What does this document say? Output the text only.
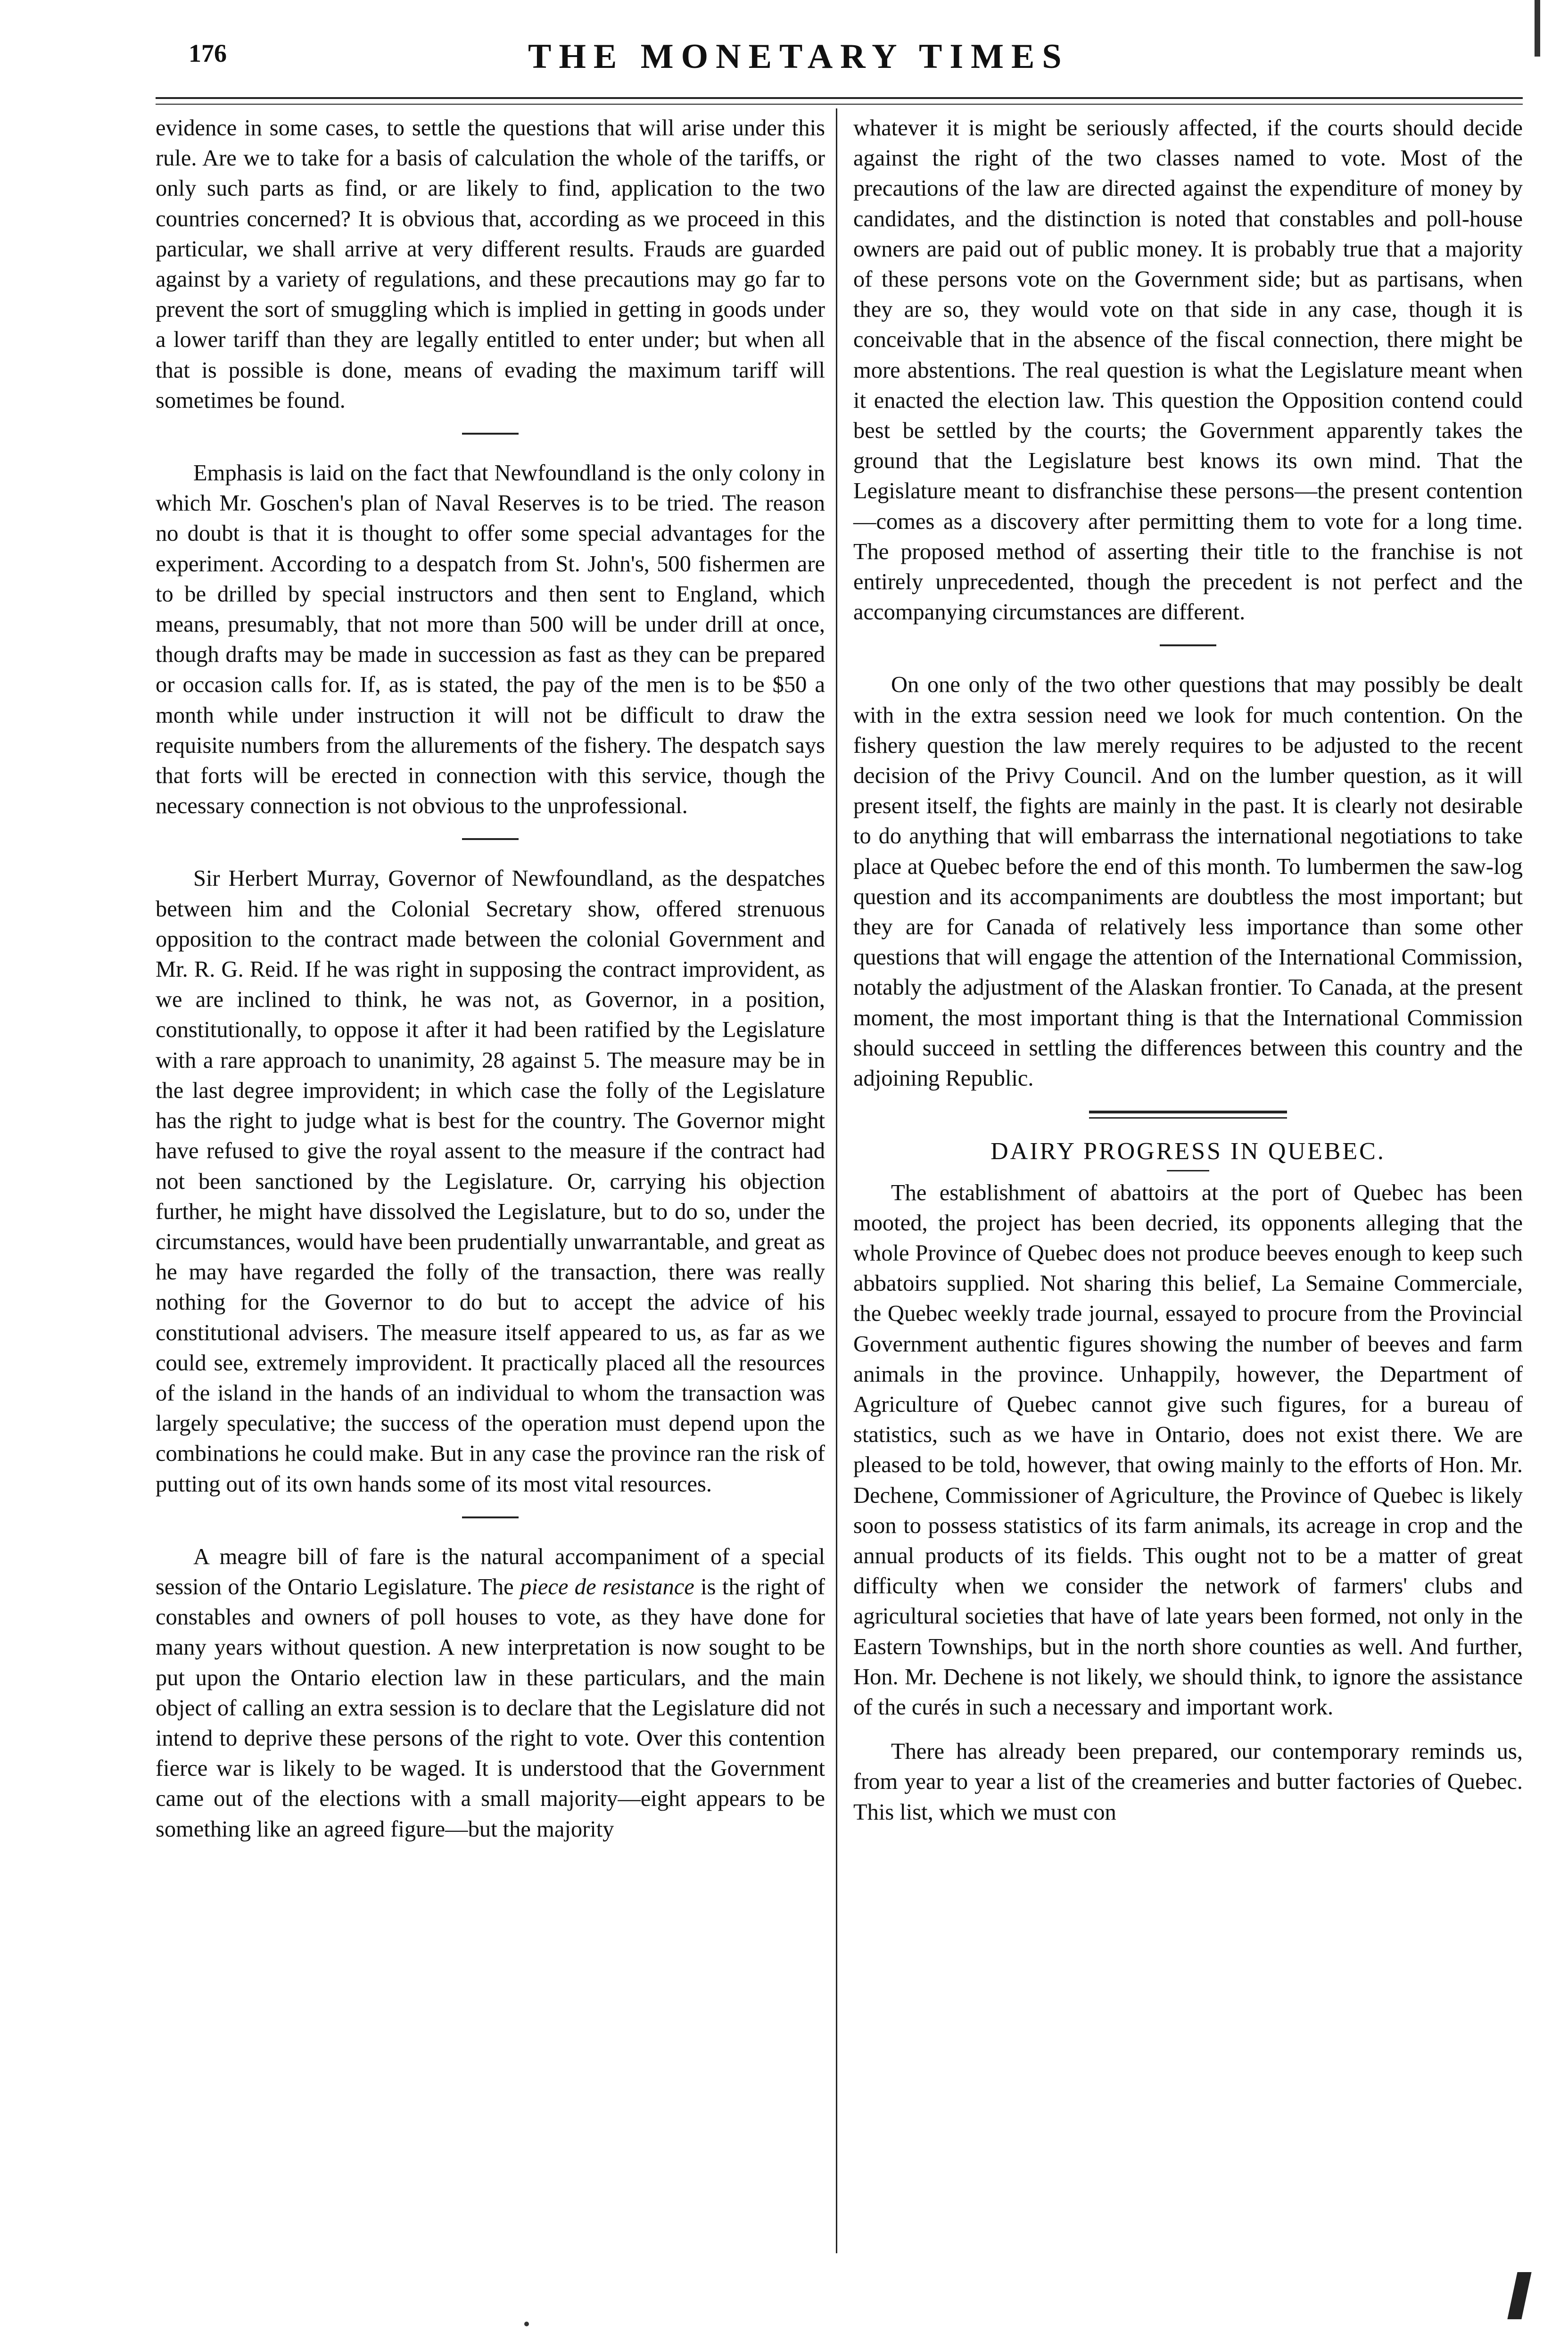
176	THE MONETARY TIMES

evidence in some cases, to settle the questions that will arise under this rule. Are we to take for a basis of calculation the whole of the tariffs, or only such parts as find, or are likely to find, application to the two countries concerned? It is obvious that, according as we proceed in this particular, we shall arrive at very different results. Frauds are guarded against by a variety of regulations, and these precautions may go far to prevent the sort of smuggling which is implied in getting in goods under a lower tariff than they are legally entitled to enter under; but when all that is possible is done, means of evading the maximum tariff will sometimes be found.

Emphasis is laid on the fact that Newfoundland is the only colony in which Mr. Goschen's plan of Naval Reserves is to be tried. The reason no doubt is that it is thought to offer some special advantages for the experiment. According to a despatch from St. John's, 500 fishermen are to be drilled by special instructors and then sent to England, which means, presumably, that not more than 500 will be under drill at once, though drafts may be made in succession as fast as they can be prepared or occasion calls for. If, as is stated, the pay of the men is to be $50 a month while under instruction it will not be difficult to draw the requisite numbers from the allurements of the fishery. The despatch says that forts will be erected in connection with this service, though the necessary connection is not obvious to the unprofessional.

Sir Herbert Murray, Governor of Newfoundland, as the despatches between him and the Colonial Secretary show, offered strenuous opposition to the contract made between the colonial Government and Mr. R. G. Reid. If he was right in supposing the contract improvident, as we are inclined to think, he was not, as Governor, in a position, constitutionally, to oppose it after it had been ratified by the Legislature with a rare approach to unanimity, 28 against 5. The measure may be in the last degree improvident; in which case the folly of the Legislature has the right to judge what is best for the country. The Governor might have refused to give the royal assent to the measure if the contract had not been sanctioned by the Legislature. Or, carrying his objection further, he might have dissolved the Legislature, but to do so, under the circumstances, would have been prudentially unwarrantable, and great as he may have regarded the folly of the transaction, there was really nothing for the Governor to do but to accept the advice of his constitutional advisers. The measure itself appeared to us, as far as we could see, extremely improvident. It practically placed all the resources of the island in the hands of an individual to whom the transaction was largely speculative; the success of the operation must depend upon the combinations he could make. But in any case the province ran the risk of putting out of its own hands some of its most vital resources.

A meagre bill of fare is the natural accompaniment of a special session of the Ontario Legislature. The piece de resistance is the right of constables and owners of poll houses to vote, as they have done for many years without question. A new interpretation is now sought to be put upon the Ontario election law in these particulars, and the main object of calling an extra session is to declare that the Legislature did not intend to deprive these persons of the right to vote. Over this contention fierce war is likely to be waged. It is understood that the Government came out of the elections with a small majority—eight appears to be something like an agreed figure—but the majority

whatever it is might be seriously affected, if the courts should decide against the right of the two classes named to vote. Most of the precautions of the law are directed against the expenditure of money by candidates, and the distinction is noted that constables and poll-house owners are paid out of public money. It is probably true that a majority of these persons vote on the Government side; but as partisans, when they are so, they would vote on that side in any case, though it is conceivable that in the absence of the fiscal connection, there might be more abstentions. The real question is what the Legislature meant when it enacted the election law. This question the Opposition contend could best be settled by the courts; the Government apparently takes the ground that the Legislature best knows its own mind. That the Legislature meant to disfranchise these persons—the present contention—comes as a discovery after permitting them to vote for a long time. The proposed method of asserting their title to the franchise is not entirely unprecedented, though the precedent is not perfect and the accompanying circumstances are different.

On one only of the two other questions that may possibly be dealt with in the extra session need we look for much contention. On the fishery question the law merely requires to be adjusted to the recent decision of the Privy Council. And on the lumber question, as it will present itself, the fights are mainly in the past. It is clearly not desirable to do anything that will embarrass the international negotiations to take place at Quebec before the end of this month. To lumbermen the saw-log question and its accompaniments are doubtless the most important; but they are for Canada of relatively less importance than some other questions that will engage the attention of the International Commission, notably the adjustment of the Alaskan frontier. To Canada, at the present moment, the most important thing is that the International Commission should succeed in settling the differences between this country and the adjoining Republic.

DAIRY PROGRESS IN QUEBEC.

The establishment of abattoirs at the port of Quebec has been mooted, the project has been decried, its opponents alleging that the whole Province of Quebec does not produce beeves enough to keep such abbatoirs supplied. Not sharing this belief, La Semaine Commerciale, the Quebec weekly trade journal, essayed to procure from the Provincial Government authentic figures showing the number of beeves and farm animals in the province. Unhappily, however, the Department of Agriculture of Quebec cannot give such figures, for a bureau of statistics, such as we have in Ontario, does not exist there. We are pleased to be told, however, that owing mainly to the efforts of Hon. Mr. Dechene, Commissioner of Agriculture, the Province of Quebec is likely soon to possess statistics of its farm animals, its acreage in crop and the annual products of its fields. This ought not to be a matter of great difficulty when we consider the network of farmers' clubs and agricultural societies that have of late years been formed, not only in the Eastern Townships, but in the north shore counties as well. And further, Hon. Mr. Dechene is not likely, we should think, to ignore the assistance of the curés in such a necessary and important work.

There has already been prepared, our contemporary reminds us, from year to year a list of the creameries and butter factories of Quebec. This list, which we must con
